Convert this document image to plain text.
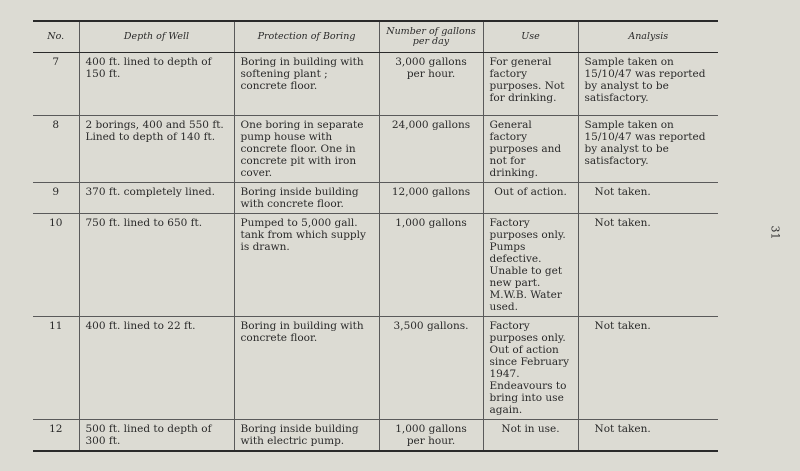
No.	Depth of Well	Protection of Boring	Number of gallons per day	Use	Analysis
7	400 ft. lined to depth of 150 ft.	Boring in building with softening plant ; concrete floor.	3,000 gallons per hour.	For general factory purposes. Not for drinking.	Sample taken on 15/10/47 was reported by analyst to be satisfactory.
8	2 borings, 400 and 550 ft. Lined to depth of 140 ft.	One boring in separate pump house with concrete floor. One in concrete pit with iron cover.	24,000 gallons	General factory purposes and not for drinking.	Sample taken on 15/10/47 was reported by analyst to be satisfactory.
9	370 ft. completely lined.	Boring inside building with concrete floor.	12,000 gallons	Out of action.	Not taken.
10	750 ft. lined to 650 ft.	Pumped to 5,000 gall. tank from which supply is drawn.	1,000 gallons	Factory purposes only. Pumps defective. Unable to get new part. M.W.B. Water used.	Not taken.
11	400 ft. lined to 22 ft.	Boring in building with concrete floor.	3,500 gallons.	Factory purposes only. Out of action since February 1947. Endeavours to bring into use again.	Not taken.
12	500 ft. lined to depth of 300 ft.	Boring inside building with electric pump.	1,000 gallons per hour.	Not in use.	Not taken.
31
